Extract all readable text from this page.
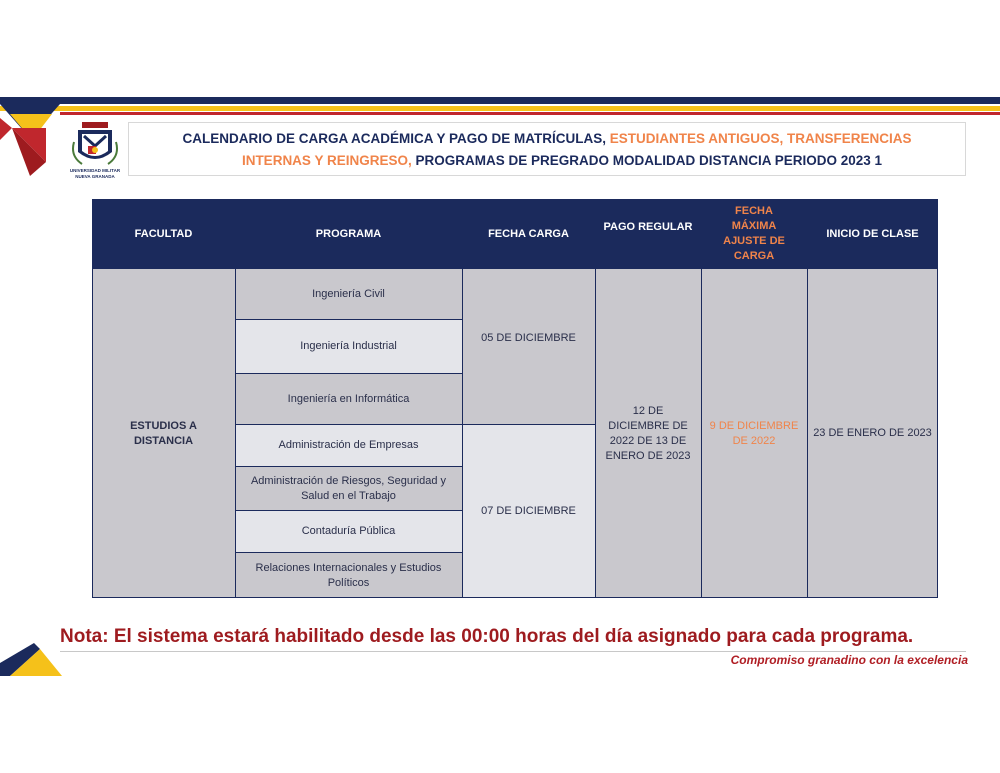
UNIVERSIDAD MILITAR
NUEVA GRANADA
CALENDARIO DE CARGA ACADÉMICA Y PAGO DE MATRÍCULAS, ESTUDIANTES ANTIGUOS, TRANSFERENCIAS
INTERNAS Y REINGRESO, PROGRAMAS DE PREGRADO MODALIDAD DISTANCIA PERIODO 2023 1
FACULTAD	PROGRAMA	FECHA CARGA
PAGO REGULAR
FECHA MÁXIMA AJUSTE DE CARGA
INICIO DE CLASE
ESTUDIOS A DISTANCIA
Ingeniería Civil
Ingeniería Industrial
Ingeniería en Informática
Administración de Empresas
Administración de Riesgos, Seguridad y Salud en el Trabajo
Contaduría Pública
Relaciones Internacionales y Estudios Políticos
05 DE DICIEMBRE
07 DE DICIEMBRE
12 DE DICIEMBRE DE 2022 DE 13 DE ENERO DE 2023
9 DE DICIEMBRE DE 2022
23 DE ENERO DE 2023
Nota: El sistema estará habilitado desde las 00:00 horas del día asignado para cada programa.
Compromiso granadino con la excelencia
